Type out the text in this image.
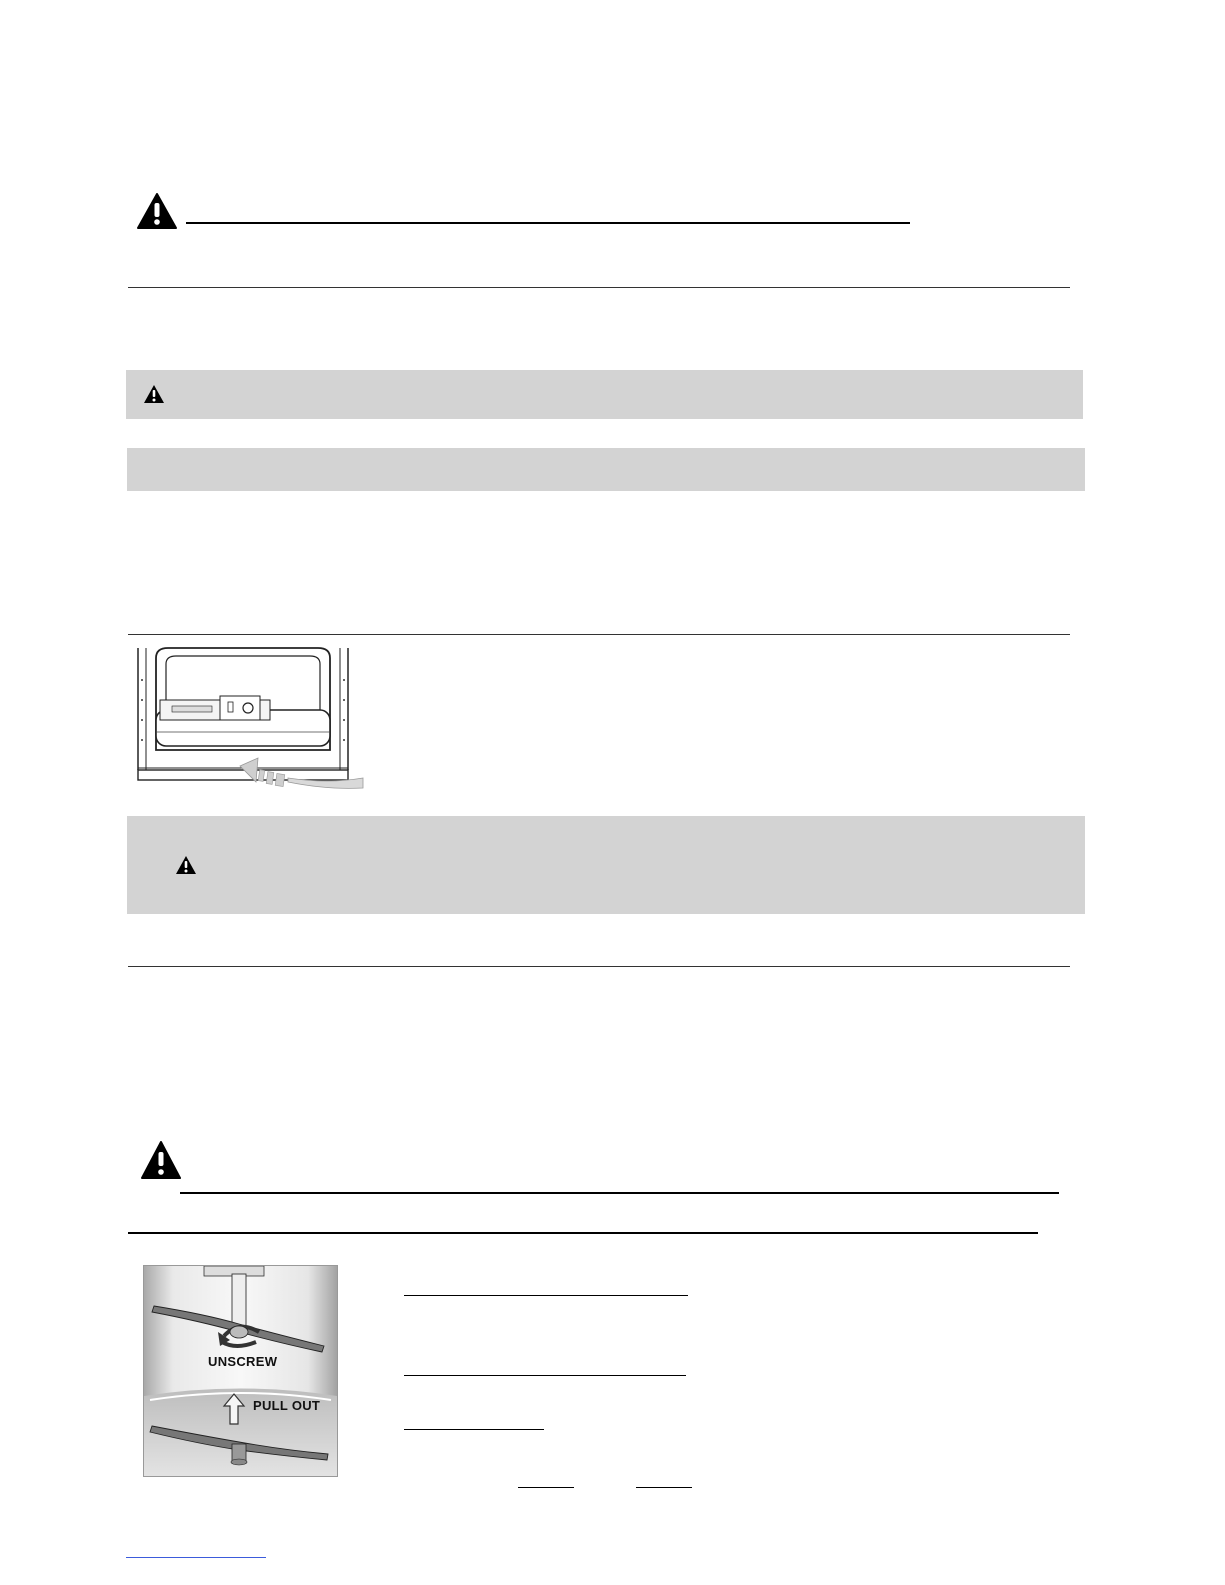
UNSCREW
PULL OUT
